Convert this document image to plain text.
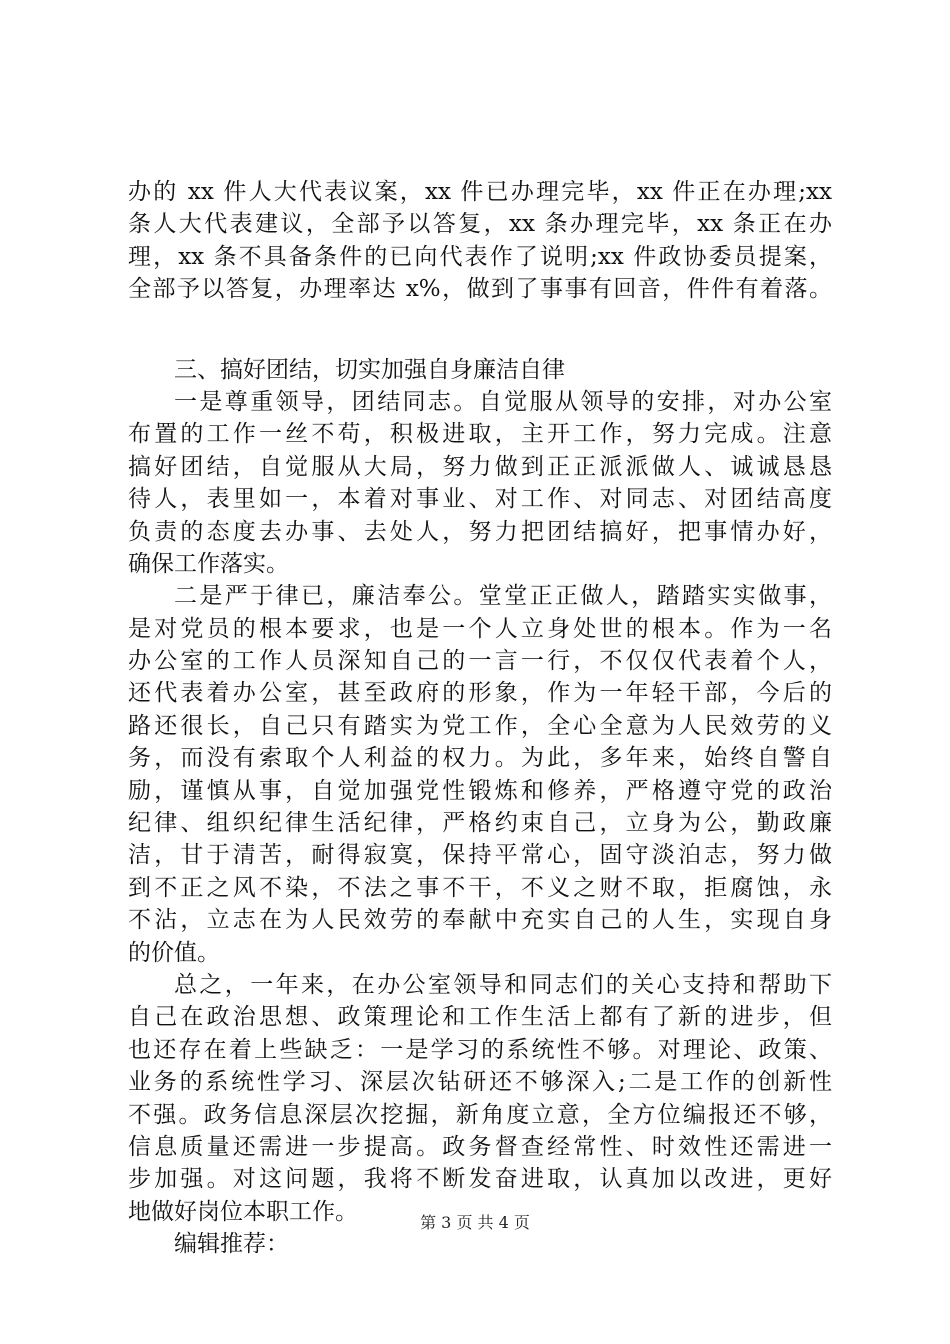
办的 xx 件人大代表议案，xx 件已办理完毕，xx 件正在办理;xx
条人大代表建议，全部予以答复，xx 条办理完毕，xx 条正在办
理，xx 条不具备条件的已向代表作了说明;xx 件政协委员提案，
全部予以答复，办理率达 x%，做到了事事有回音，件件有着落。
三、搞好团结，切实加强自身廉洁自律
一是尊重领导，团结同志。自觉服从领导的安排，对办公室
布置的工作一丝不苟，积极进取，主开工作，努力完成。注意
搞好团结，自觉服从大局，努力做到正正派派做人、诚诚恳恳
待人，表里如一，本着对事业、对工作、对同志、对团结高度
负责的态度去办事、去处人，努力把团结搞好，把事情办好，
确保工作落实。
二是严于律已，廉洁奉公。堂堂正正做人，踏踏实实做事，
是对党员的根本要求，也是一个人立身处世的根本。作为一名
办公室的工作人员深知自己的一言一行，不仅仅代表着个人，
还代表着办公室，甚至政府的形象，作为一年轻干部，今后的
路还很长，自己只有踏实为党工作，全心全意为人民效劳的义
务，而没有索取个人利益的权力。为此，多年来，始终自警自
励，谨慎从事，自觉加强党性锻炼和修养，严格遵守党的政治
纪律、组织纪律生活纪律，严格约束自己，立身为公，勤政廉
洁，甘于清苦，耐得寂寞，保持平常心，固守淡泊志，努力做
到不正之风不染，不法之事不干，不义之财不取，拒腐蚀，永
不沾，立志在为人民效劳的奉献中充实自己的人生，实现自身
的价值。
总之，一年来，在办公室领导和同志们的关心支持和帮助下
自己在政治思想、政策理论和工作生活上都有了新的进步，但
也还存在着上些缺乏：一是学习的系统性不够。对理论、政策、
业务的系统性学习、深层次钻研还不够深入;二是工作的创新性
不强。政务信息深层次挖掘，新角度立意，全方位编报还不够，
信息质量还需进一步提高。政务督查经常性、时效性还需进一
步加强。对这问题，我将不断发奋进取，认真加以改进，更好
地做好岗位本职工作。
编辑推荐：
第 3 页 共 4 页
